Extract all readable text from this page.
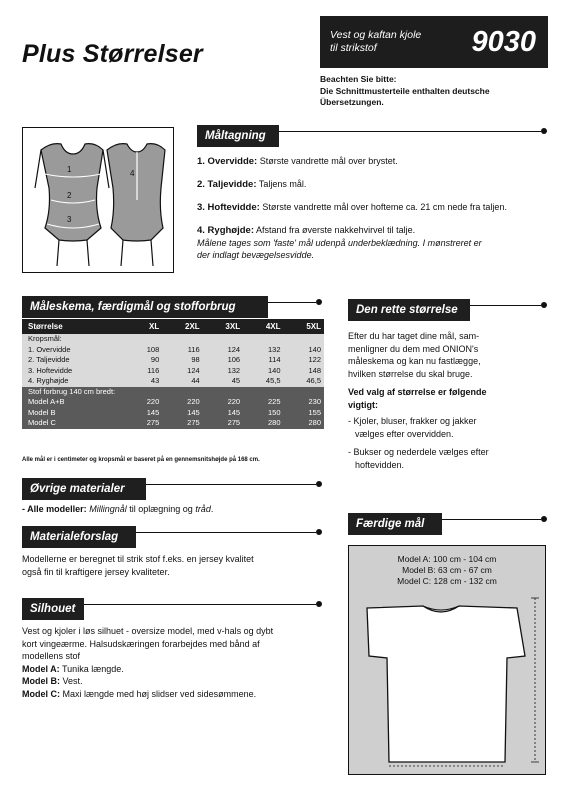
Plus Størrelser
Vest og kaftan kjole
til strikstof	9030
Beachten Sie bitte:
Die Schnittmusterteile enthalten deutsche
Übersetzungen.
1
2
3
4
Måltagning
1. Overvidde: Største vandrette mål over brystet.
2. Taljevidde: Taljens mål.
3. Hoftevidde: Største vandrette mål over hofteme ca. 21 cm nede fra taljen.
4. Ryghøjde: Afstand fra øverste nakkehvirvel til talje.
Målene tages som 'faste' mål udenpå underbeklædning. I mønstreret er
der indlagt bevægelsesvidde.
Måleskema, færdigmål og stofforbrug
Størrelse	XL	2XL	3XL	4XL	5XL
Kropsmål:					
1. Overvidde	108	116	124	132	140
2. Taljevidde	90	98	106	114	122
3. Hoftevidde	116	124	132	140	148
4. Ryghøjde	43	44	45	45,5	46,5
Stof forbrug 140 cm bredt:					
Model A+B	220	220	220	225	230
Model B	145	145	145	150	155
Model C	275	275	275	280	280
Alle mål er i centimeter og kropsmål er baseret på en gennemsnitshøjde på 168 cm.
Øvrige materialer
- Alle modeller: Millingnål til oplægning og tråd.
Materialeforslag
Modellerne er beregnet til strik stof f.eks. en jersey kvalitet
også fin til kraftigere jersey kvaliteter.
Silhouet
Vest og kjoler i løs silhuet - oversize model, med v-hals og dybt
kort vingeærme. Halsudskæringen forarbejdes med bånd af
modellens stof
Model A: Tunika længde.
Model B: Vest.
Model C: Maxi længde med høj slidser ved sidesømmene.
Den rette størrelse
Efter du har taget dine mål, sam-
menligner du dem med ONION's
måleskema og kan nu fastlægge,
hvilken størrelse du skal bruge.
Ved valg af størrelse er følgende
vigtigt:
- Kjoler, bluser, frakker og jakker
vælges efter overvidden.
- Bukser og nederdele vælges efter
hoftevidden.
Færdige mål
Model A: 100 cm - 104 cm
Model B: 63 cm - 67 cm
Model C: 128 cm - 132 cm
